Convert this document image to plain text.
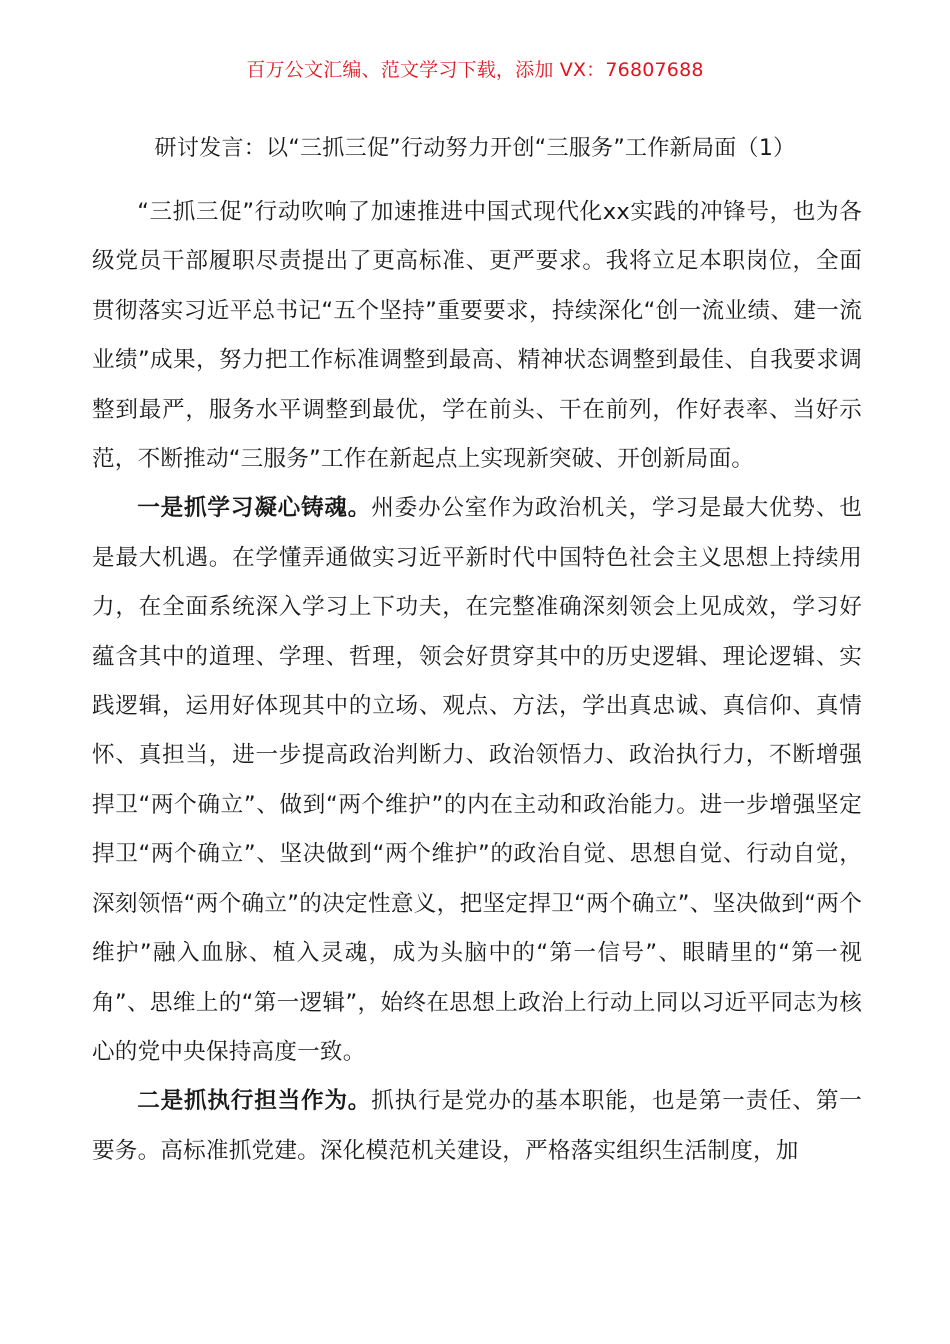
百万公文汇编、范文学习下载，添加 VX：76807688
研讨发言：以“三抓三促”行动努力开创“三服务”工作新局面（1）

“三抓三促”行动吹响了加速推进中国式现代化xx实践的冲锋号，也为各级党员干部履职尽责提出了更高标准、更严要求。我将立足本职岗位，全面贯彻落实习近平总书记“五个坚持”重要要求，持续深化“创一流业绩、建一流业绩”成果，努力把工作标准调整到最高、精神状态调整到最佳、自我要求调整到最严，服务水平调整到最优，学在前头、干在前列，作好表率、当好示范，不断推动“三服务”工作在新起点上实现新突破、开创新局面。

一是抓学习凝心铸魂。州委办公室作为政治机关，学习是最大优势、也是最大机遇。在学懂弄通做实习近平新时代中国特色社会主义思想上持续用力，在全面系统深入学习上下功夫，在完整准确深刻领会上见成效，学习好蕴含其中的道理、学理、哲理，领会好贯穿其中的历史逻辑、理论逻辑、实践逻辑，运用好体现其中的立场、观点、方法，学出真忠诚、真信仰、真情怀、真担当，进一步提高政治判断力、政治领悟力、政治执行力，不断增强捍卫“两个确立”、做到“两个维护”的内在主动和政治能力。进一步增强坚定捍卫“两个确立”、坚决做到“两个维护”的政治自觉、思想自觉、行动自觉，深刻领悟“两个确立”的决定性意义，把坚定捍卫“两个确立”、坚决做到“两个维护”融入血脉、植入灵魂，成为头脑中的“第一信号”、眼睛里的“第一视角”、思维上的“第一逻辑”，始终在思想上政治上行动上同以习近平同志为核心的党中央保持高度一致。

二是抓执行担当作为。抓执行是党办的基本职能，也是第一责任、第一要务。高标准抓党建。深化模范机关建设，严格落实组织生活制度，加
